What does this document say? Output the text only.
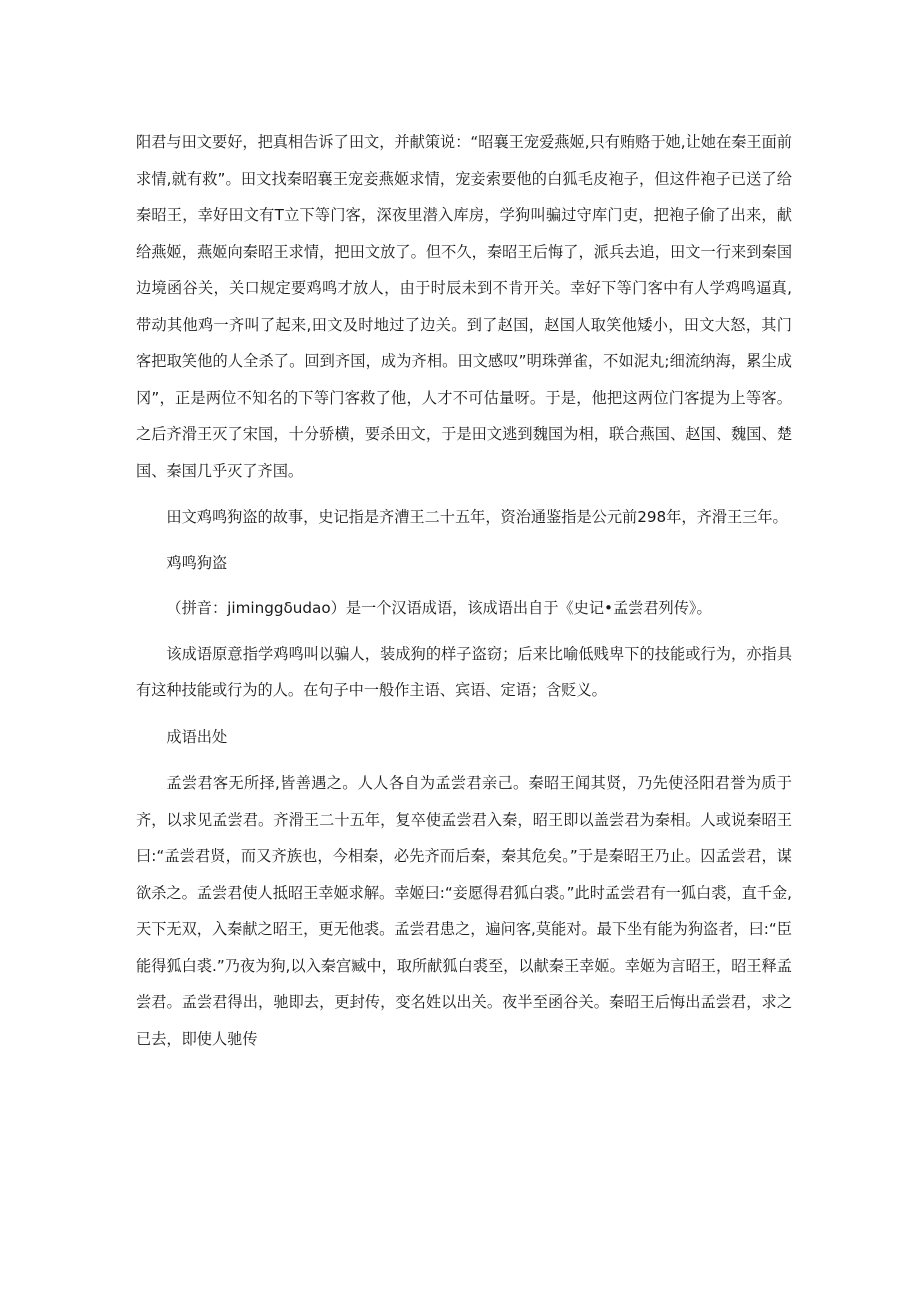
阳君与田文要好，把真相告诉了田文，并献策说：“昭襄王宠爱燕姬,只有贿赂于她,让她在秦王面前求情,就有救”。田文找秦昭襄王宠妾燕姬求情，宠妾索要他的白狐毛皮袍子，但这件袍子已送了给秦昭王，幸好田文有T立下等门客，深夜里潜入库房，学狗叫骗过守库门吏，把袍子偷了出来，献给燕姬，燕姬向秦昭王求情，把田文放了。但不久，秦昭王后悔了，派兵去追，田文一行来到秦国边境函谷关，关口规定要鸡鸣才放人，由于时辰未到不肯开关。幸好下等门客中有人学鸡鸣逼真,带动其他鸡一齐叫了起来,田文及时地过了边关。到了赵国，赵国人取笑他矮小，田文大怒，其门客把取笑他的人全杀了。回到齐国，成为齐相。田文感叹”明珠弹雀，不如泥丸;细流纳海，累尘成冈”，正是两位不知名的下等门客救了他，人才不可估量呀。于是，他把这两位门客提为上等客。之后齐滑王灭了宋国，十分骄横，要杀田文，于是田文逃到魏国为相，联合燕国、赵国、魏国、楚国、秦国几乎灭了齐国。

田文鸡鸣狗盗的故事，史记指是齐漕王二十五年，资治通鉴指是公元前298年，齐滑王三年。

鸡鸣狗盗

（拼音：jiminggδudao）是一个汉语成语，该成语出自于《史记•孟尝君列传》。

该成语原意指学鸡鸣叫以骗人，装成狗的样子盗窃；后来比喻低贱卑下的技能或行为，亦指具有这种技能或行为的人。在句子中一般作主语、宾语、定语；含贬义。

成语出处

孟尝君客无所择,皆善遇之。人人各自为孟尝君亲己。秦昭王闻其贤，乃先使泾阳君誉为质于齐，以求见孟尝君。齐滑王二十五年，复卒使孟尝君入秦，昭王即以盖尝君为秦相。人或说秦昭王曰:“孟尝君贤，而又齐族也，今相秦，必先齐而后秦，秦其危矣。”于是秦昭王乃止。囚孟尝君，谋欲杀之。孟尝君使人抵昭王幸姬求解。幸姬曰:“妾愿得君狐白裘。”此时孟尝君有一狐白裘，直千金,天下无双，入秦献之昭王，更无他裘。孟尝君患之，遍问客,莫能对。最下坐有能为狗盗者，曰:“臣能得狐白裘.”乃夜为狗,以入秦宫臧中，取所献狐白裘至，以献秦王幸姬。幸姬为言昭王，昭王释孟尝君。孟尝君得出，驰即去，更封传，变名姓以出关。夜半至函谷关。秦昭王后悔出孟尝君，求之已去，即使人驰传
